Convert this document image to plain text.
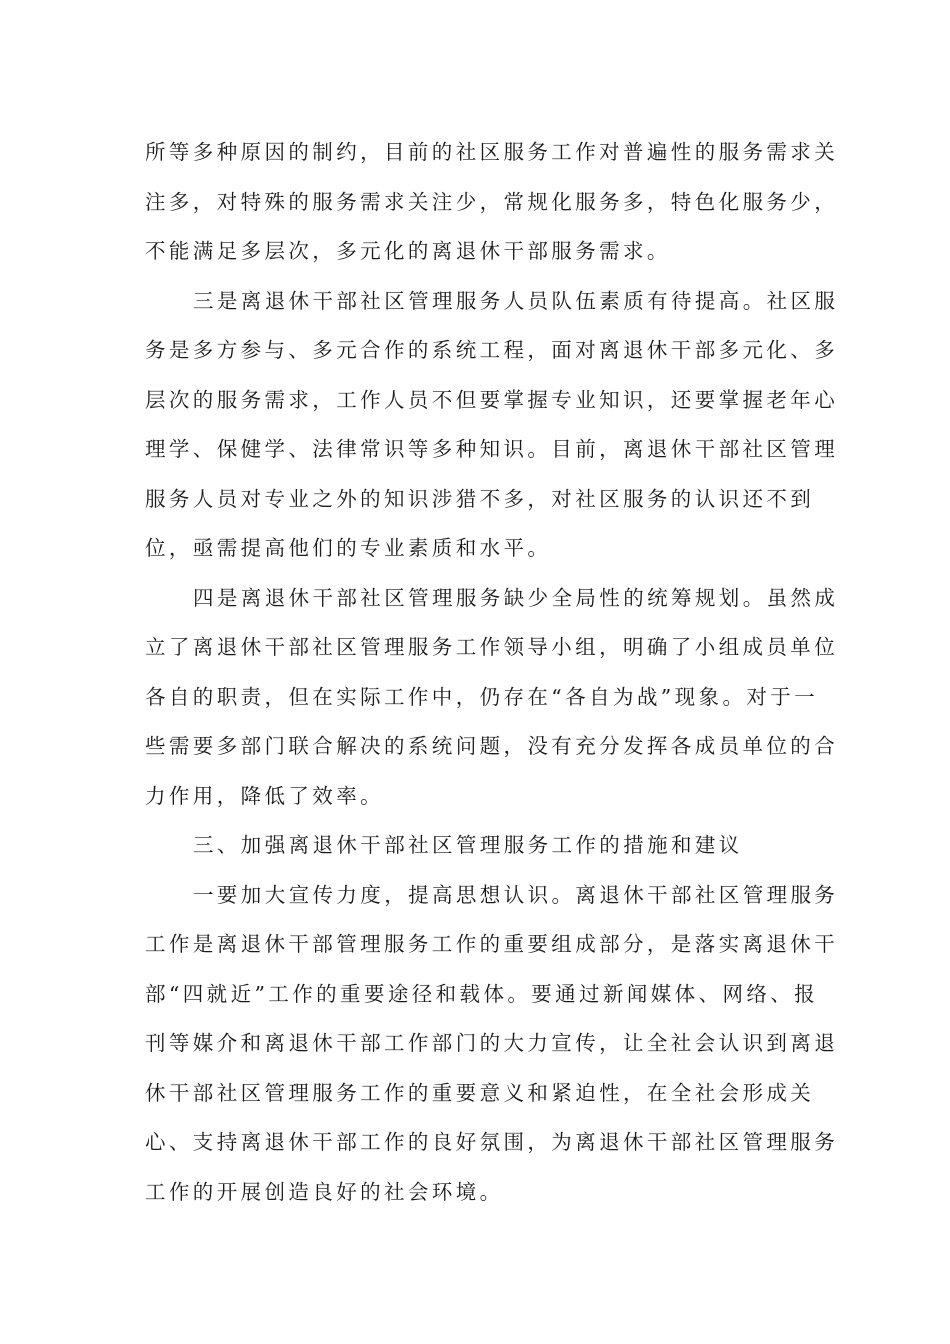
所等多种原因的制约，目前的社区服务工作对普遍性的服务需求关
注多，对特殊的服务需求关注少，常规化服务多，特色化服务少，
不能满足多层次，多元化的离退休干部服务需求。
三是离退休干部社区管理服务人员队伍素质有待提高。社区服
务是多方参与、多元合作的系统工程，面对离退休干部多元化、多
层次的服务需求，工作人员不但要掌握专业知识，还要掌握老年心
理学、保健学、法律常识等多种知识。目前，离退休干部社区管理
服务人员对专业之外的知识涉猎不多，对社区服务的认识还不到
位，亟需提高他们的专业素质和水平。
四是离退休干部社区管理服务缺少全局性的统筹规划。虽然成
立了离退休干部社区管理服务工作领导小组，明确了小组成员单位
各自的职责，但在实际工作中，仍存在“各自为战”现象。对于一
些需要多部门联合解决的系统问题，没有充分发挥各成员单位的合
力作用，降低了效率。
三、加强离退休干部社区管理服务工作的措施和建议
一要加大宣传力度，提高思想认识。离退休干部社区管理服务
工作是离退休干部管理服务工作的重要组成部分，是落实离退休干
部“四就近”工作的重要途径和载体。要通过新闻媒体、网络、报
刊等媒介和离退休干部工作部门的大力宣传，让全社会认识到离退
休干部社区管理服务工作的重要意义和紧迫性，在全社会形成关
心、支持离退休干部工作的良好氛围，为离退休干部社区管理服务
工作的开展创造良好的社会环境。
